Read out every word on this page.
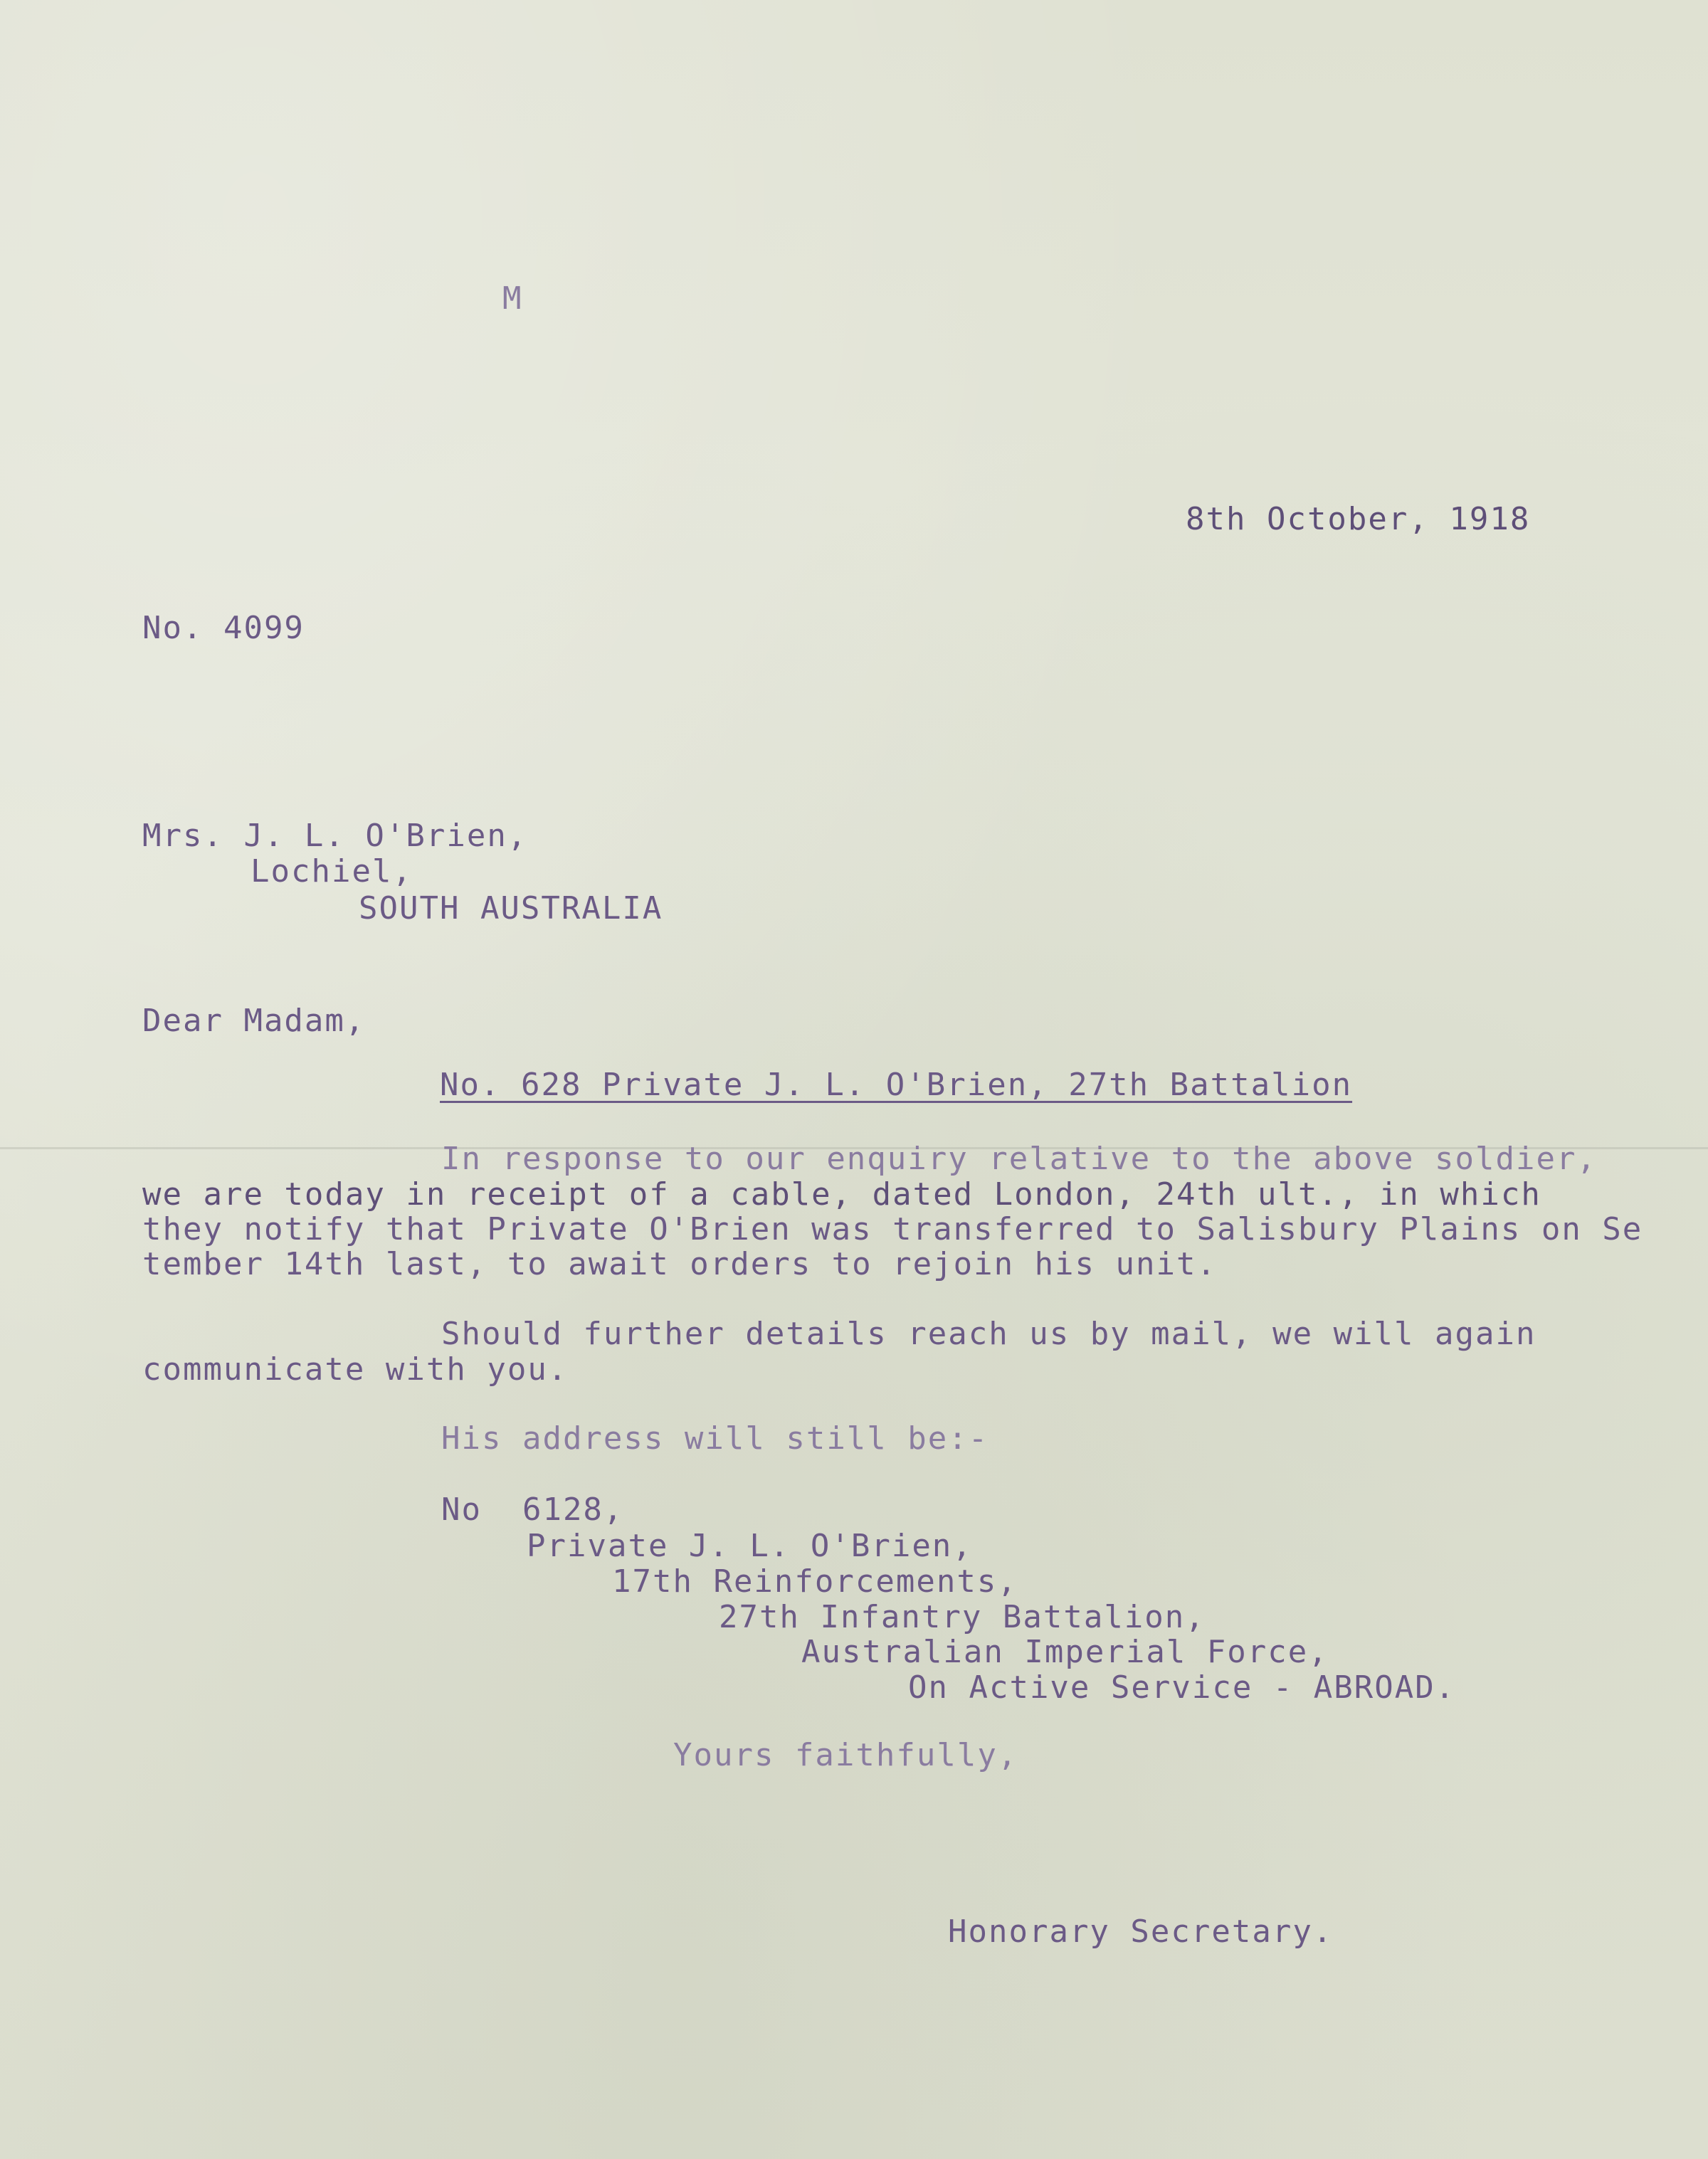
M

8th October, 1918

No. 4099

Mrs. J. L. O'Brien,

Lochiel,

SOUTH AUSTRALIA

Dear Madam,

No. 628 Private J. L. O'Brien, 27th Battalion

In response to our enquiry relative to the above soldier,

we are today in receipt of a cable, dated London, 24th ult., in which

they notify that Private O'Brien was transferred to Salisbury Plains on Se

tember 14th last, to await orders to rejoin his unit.

Should further details reach us by mail, we will again

communicate with you.

His address will still be:-

No  6128,

Private J. L. O'Brien,

17th Reinforcements,

27th Infantry Battalion,

Australian Imperial Force,

On Active Service - ABROAD.

Yours faithfully,

Honorary Secretary.
